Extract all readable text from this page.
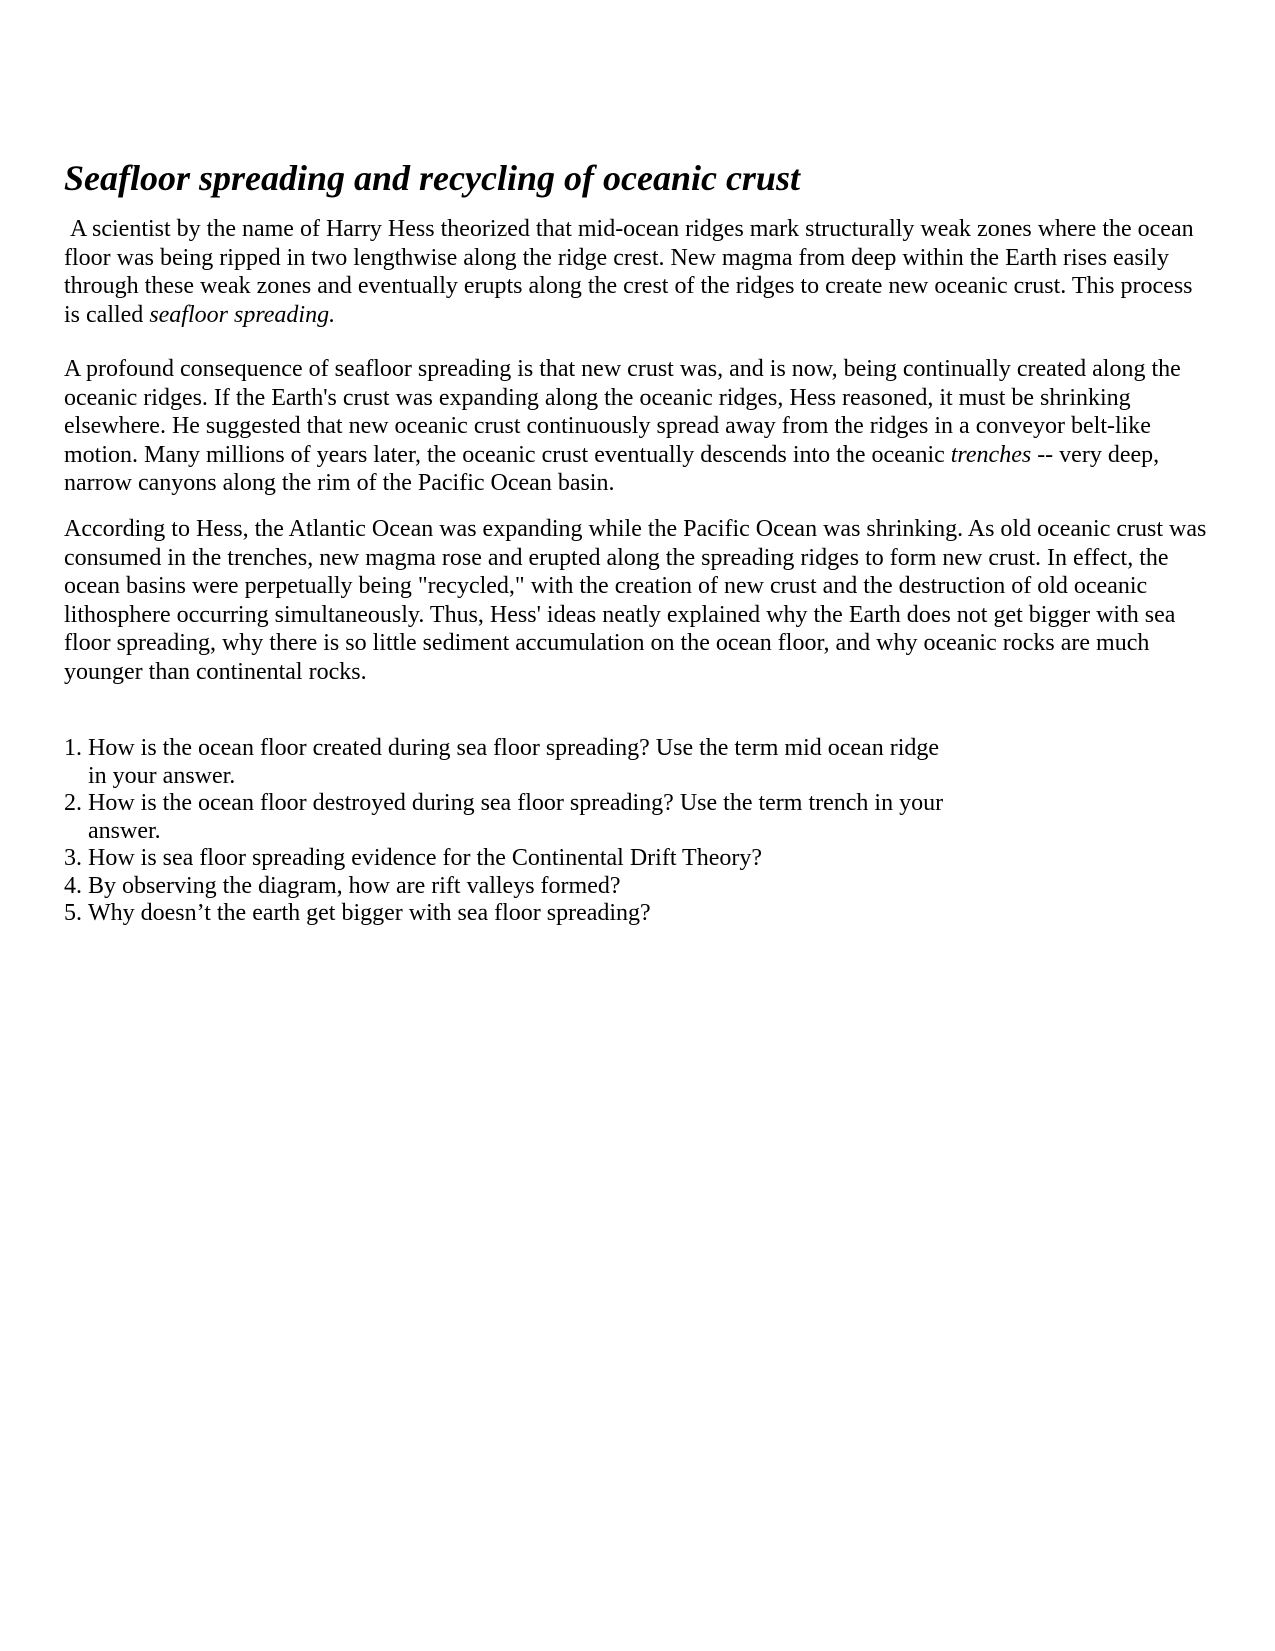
Seafloor spreading and recycling of oceanic crust

A scientist by the name of Harry Hess theorized that mid-ocean ridges mark structurally weak zones where the ocean floor was being ripped in two lengthwise along the ridge crest. New magma from deep within the Earth rises easily through these weak zones and eventually erupts along the crest of the ridges to create new oceanic crust. This process is called seafloor spreading.

A profound consequence of seafloor spreading is that new crust was, and is now, being continually created along the oceanic ridges. If the Earth's crust was expanding along the oceanic ridges, Hess reasoned, it must be shrinking elsewhere. He suggested that new oceanic crust continuously spread away from the ridges in a conveyor belt-like motion. Many millions of years later, the oceanic crust eventually descends into the oceanic trenches -- very deep, narrow canyons along the rim of the Pacific Ocean basin.

According to Hess, the Atlantic Ocean was expanding while the Pacific Ocean was shrinking. As old oceanic crust was consumed in the trenches, new magma rose and erupted along the spreading ridges to form new crust. In effect, the ocean basins were perpetually being "recycled," with the creation of new crust and the destruction of old oceanic lithosphere occurring simultaneously. Thus, Hess' ideas neatly explained why the Earth does not get bigger with sea floor spreading, why there is so little sediment accumulation on the ocean floor, and why oceanic rocks are much younger than continental rocks.

1. How is the ocean floor created during sea floor spreading? Use the term mid ocean ridge in your answer.
2. How is the ocean floor destroyed during sea floor spreading? Use the term trench in your answer.
3. How is sea floor spreading evidence for the Continental Drift Theory?
4. By observing the diagram, how are rift valleys formed?
5. Why doesn’t the earth get bigger with sea floor spreading?
